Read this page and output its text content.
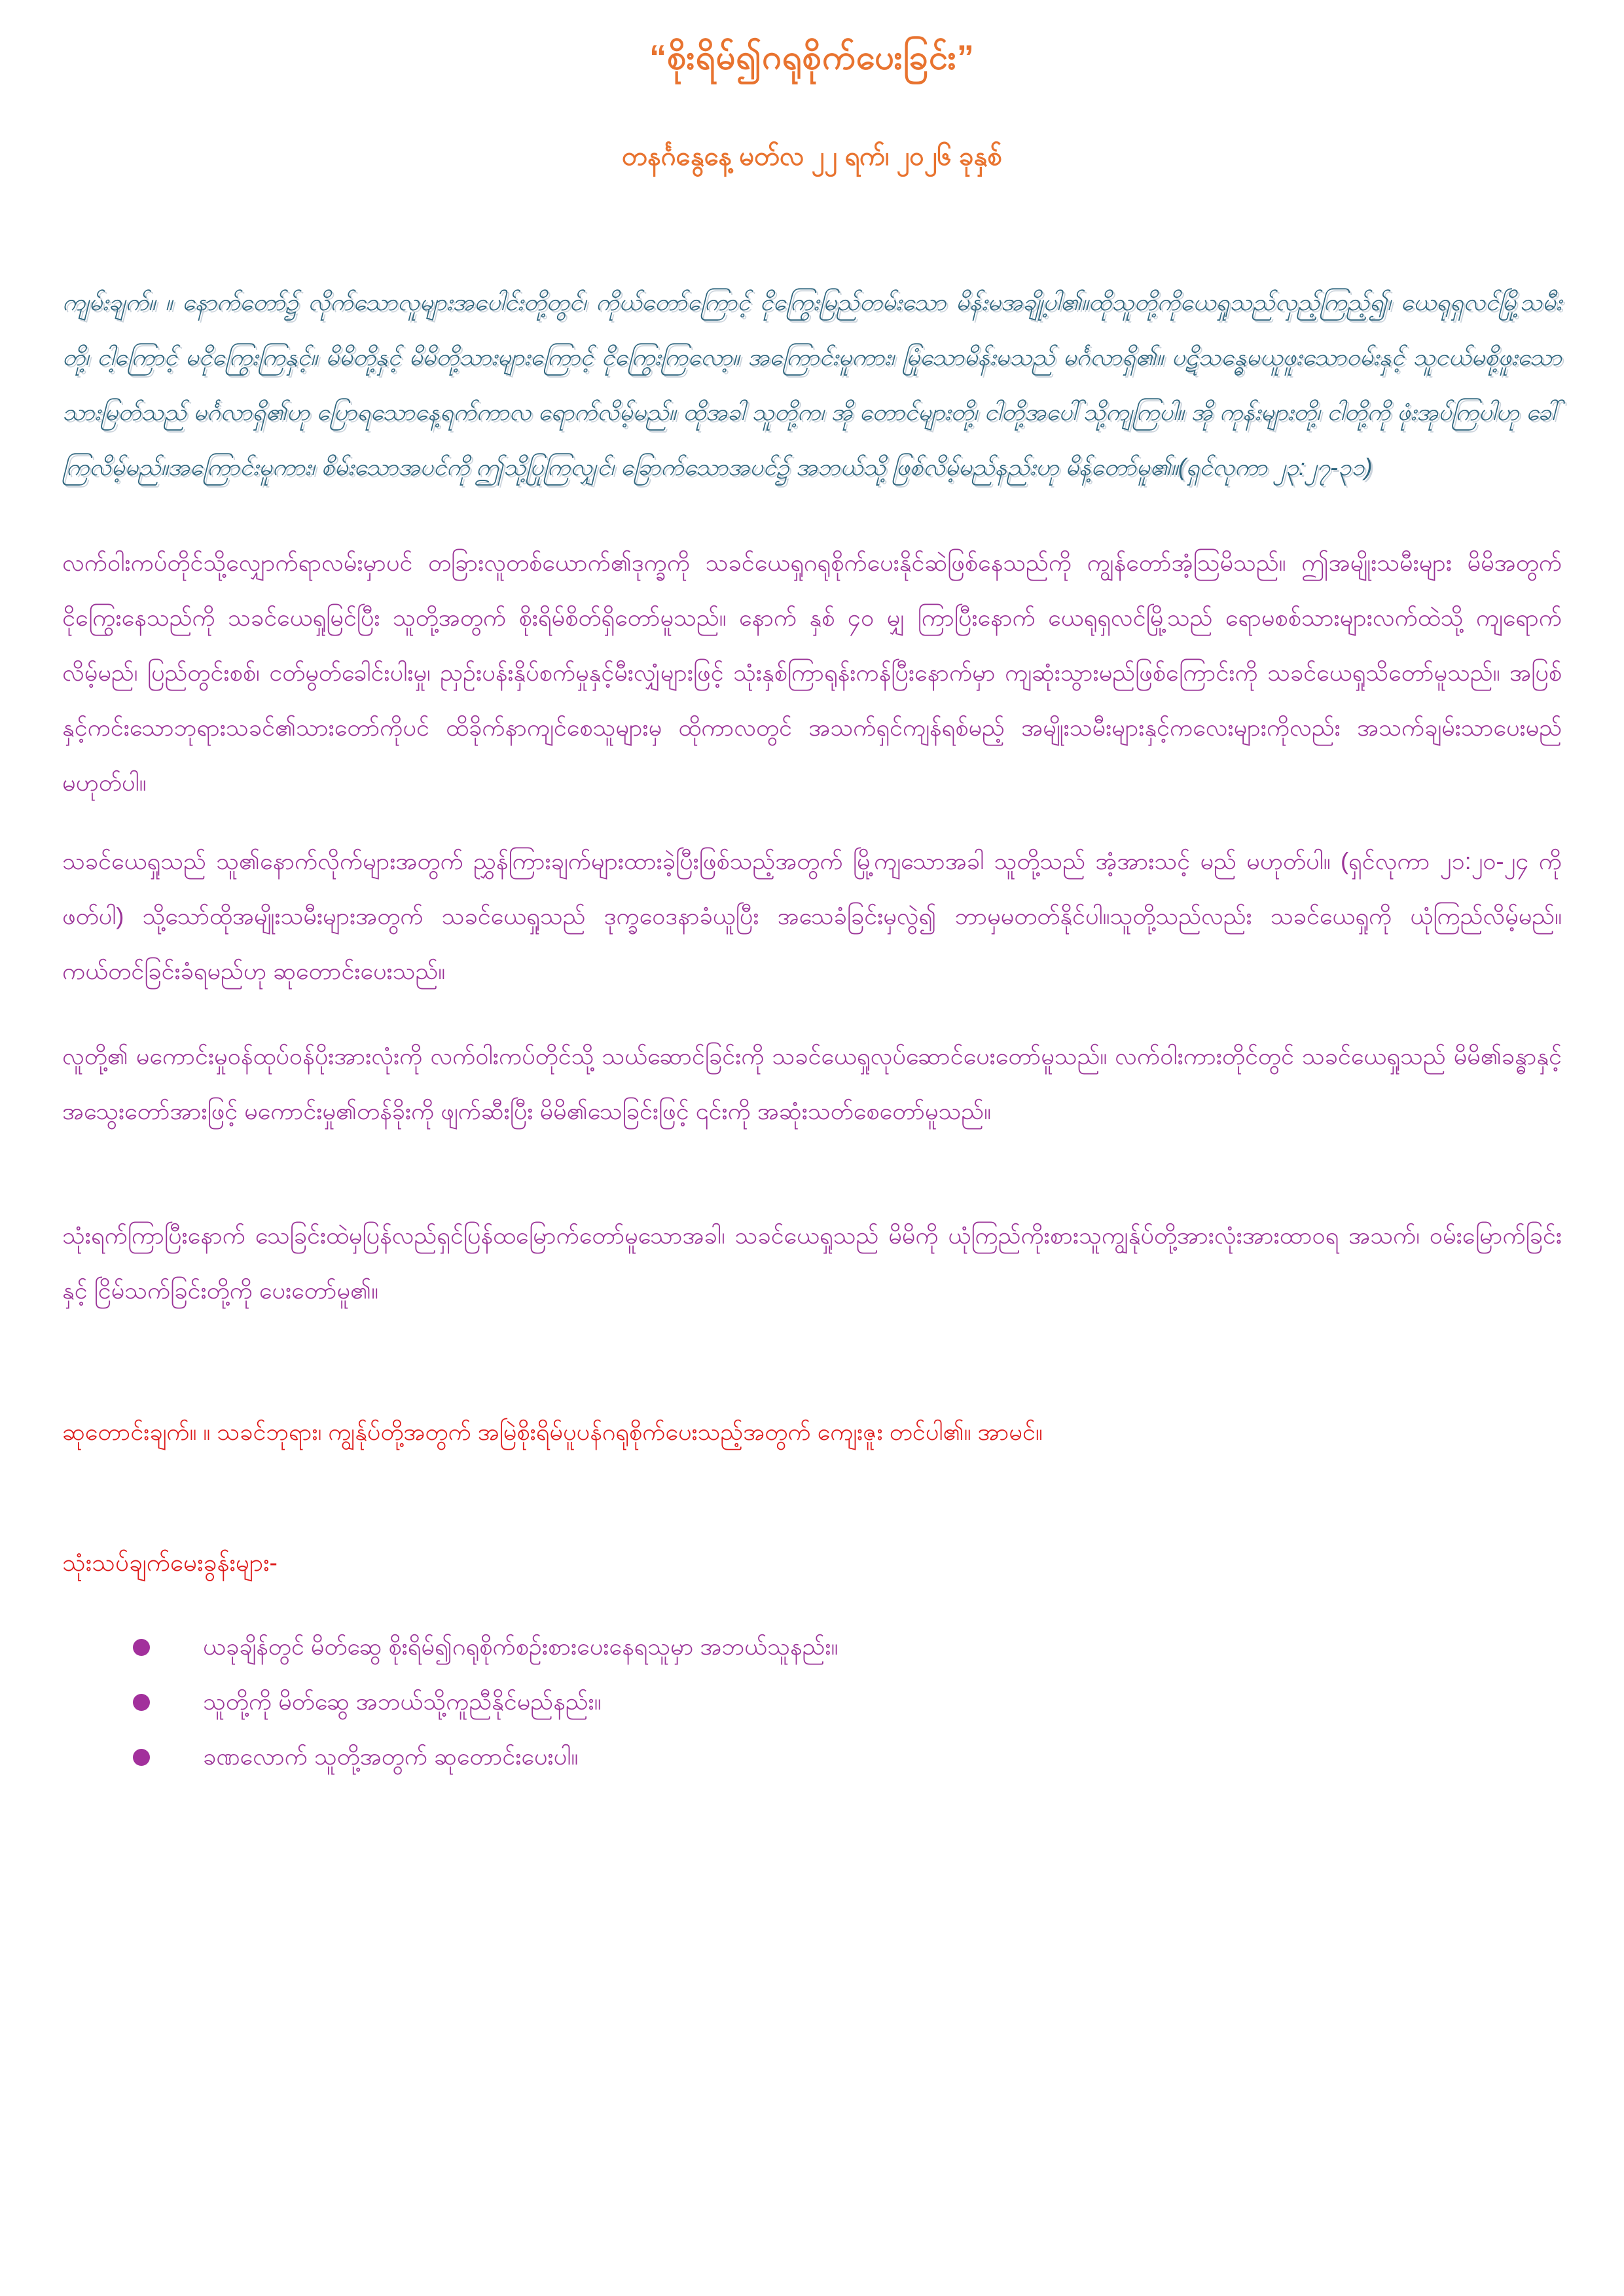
“စိုးရိမ်၍ဂရုစိုက်ပေးခြင်း”
တနင်္ဂနွေနေ့ မတ်လ ၂၂ ရက်၊ ၂၀၂၆ ခုနှစ်

ကျမ်းချက်။ ။ နောက်တော်၌ လိုက်သောလူများအပေါင်းတို့တွင်၊ ကိုယ်တော်ကြောင့် ငိုကြွေးမြည်တမ်းသော မိန်းမအချို့ပါ၏။ထိုသူတို့ကိုယေရှုသည်လှည့်ကြည့်၍၊ ယေရုရှလင်မြို့သမီးတို့၊ ငါ့ကြောင့် မငိုကြွေးကြနှင့်။ မိမိတို့နှင့် မိမိတို့သားများကြောင့် ငိုကြွေးကြလော့။ အကြောင်းမူကား၊ မြုံသောမိန်းမသည် မင်္ဂလာရှိ၏။ ပဋိသန္ဓေမယူဖူးသောဝမ်းနှင့် သူငယ်မစို့ဖူးသော သားမြတ်သည် မင်္ဂလာရှိ၏ဟု ပြောရသောနေ့ရက်ကာလ ရောက်လိမ့်မည်။ ထိုအခါ သူတို့က၊ အို တောင်များတို့၊ ငါတို့အပေါ်သို့ကျကြပါ။ အို ကုန်းများတို့၊ ငါတို့ကို ဖုံးအုပ်ကြပါဟု ခေါ်ကြလိမ့်မည်။အကြောင်းမူကား၊ စိမ်းသောအပင်ကို ဤသို့ပြုကြလျှင်၊ ခြောက်သောအပင်၌ အဘယ်သို့ ဖြစ်လိမ့်မည်နည်းဟု မိန့်တော်မူ၏။(ရှင်လုကာ ၂၃:၂၇-၃၁)

လက်ဝါးကပ်တိုင်သို့လျှောက်ရာလမ်းမှာပင် တခြားလူတစ်ယောက်၏ဒုက္ခကို သခင်ယေရှုဂရုစိုက်ပေးနိုင်ဆဲဖြစ်နေသည်ကို ကျွန်တော်အံ့သြမိသည်။ ဤအမျိုးသမီးများ မိမိအတွက်ငိုကြွေးနေသည်ကို သခင်ယေရှုမြင်ပြီး သူတို့အတွက် စိုးရိမ်စိတ်ရှိတော်မူသည်။ နောက် နှစ် ၄၀ မျှ ကြာပြီးနောက် ယေရုရှလင်မြို့သည် ရောမစစ်သားများလက်ထဲသို့ ကျရောက်လိမ့်မည်၊ ပြည်တွင်းစစ်၊ ငတ်မွတ်ခေါင်းပါးမှု၊ ညှဉ်းပန်းနှိပ်စက်မှုနှင့်မီးလျှံများဖြင့် သုံးနှစ်ကြာရုန်းကန်ပြီးနောက်မှာ ကျဆုံးသွားမည်ဖြစ်ကြောင်းကို သခင်ယေရှုသိတော်မူသည်။ အပြစ်နှင့်ကင်းသောဘုရားသခင်၏သားတော်ကိုပင် ထိခိုက်နာကျင်စေသူများမှ ထိုကာလတွင် အသက်ရှင်ကျန်ရစ်မည့် အမျိုးသမီးများနှင့်ကလေးများကိုလည်း အသက်ချမ်းသာပေးမည်မဟုတ်ပါ။

သခင်ယေရှုသည် သူ၏နောက်လိုက်များအတွက် ညွှန်ကြားချက်များထားခဲ့ပြီးဖြစ်သည့်အတွက် မြို့ကျသောအခါ သူတို့သည် အံ့အားသင့် မည် မဟုတ်ပါ။ (ရှင်လုကာ ၂၁:၂၀-၂၄ ကိုဖတ်ပါ) သို့သော်ထိုအမျိုးသမီးများအတွက် သခင်ယေရှုသည် ဒုက္ခဝေဒနာခံယူပြီး အသေခံခြင်းမှလွဲ၍ ဘာမှမတတ်နိုင်ပါ။သူတို့သည်လည်း သခင်ယေရှုကို ယုံကြည်လိမ့်မည်။ ကယ်တင်ခြင်းခံရမည်ဟု ဆုတောင်းပေးသည်။

လူတို့၏ မကောင်းမှုဝန်ထုပ်ဝန်ပိုးအားလုံးကို လက်ဝါးကပ်တိုင်သို့ သယ်ဆောင်ခြင်းကို သခင်ယေရှုလုပ်ဆောင်ပေးတော်မူသည်။ လက်ဝါးကားတိုင်တွင် သခင်ယေရှုသည် မိမိ၏ခန္ဓာနှင့်အသွေးတော်အားဖြင့် မကောင်းမှု၏တန်ခိုးကို ဖျက်ဆီးပြီး မိမိ၏သေခြင်းဖြင့် ၎င်းကို အဆုံးသတ်စေတော်မူသည်။

သုံးရက်ကြာပြီးနောက် သေခြင်းထဲမှပြန်လည်ရှင်ပြန်ထမြောက်တော်မူသောအခါ၊ သခင်ယေရှုသည် မိမိကို ယုံကြည်ကိုးစားသူကျွန်ုပ်တို့အားလုံးအားထာဝရ အသက်၊ ဝမ်းမြောက်ခြင်းနှင့် ငြိမ်သက်ခြင်းတို့ကို ပေးတော်မူ၏။

ဆုတောင်းချက်။ ။ သခင်ဘုရား၊ ကျွန်ုပ်တို့အတွက် အမြဲစိုးရိမ်ပူပန်ဂရုစိုက်ပေးသည့်အတွက် ကျေးဇူး တင်ပါ၏။ အာမင်။

သုံးသပ်ချက်မေးခွန်းများ-
ယခုချိန်တွင် မိတ်ဆွေ စိုးရိမ်၍ဂရုစိုက်စဉ်းစားပေးနေရသူမှာ အဘယ်သူနည်း။
သူတို့ကို မိတ်ဆွေ အဘယ်သို့ကူညီနိုင်မည်နည်း။
ခဏလောက် သူတို့အတွက် ဆုတောင်းပေးပါ။
